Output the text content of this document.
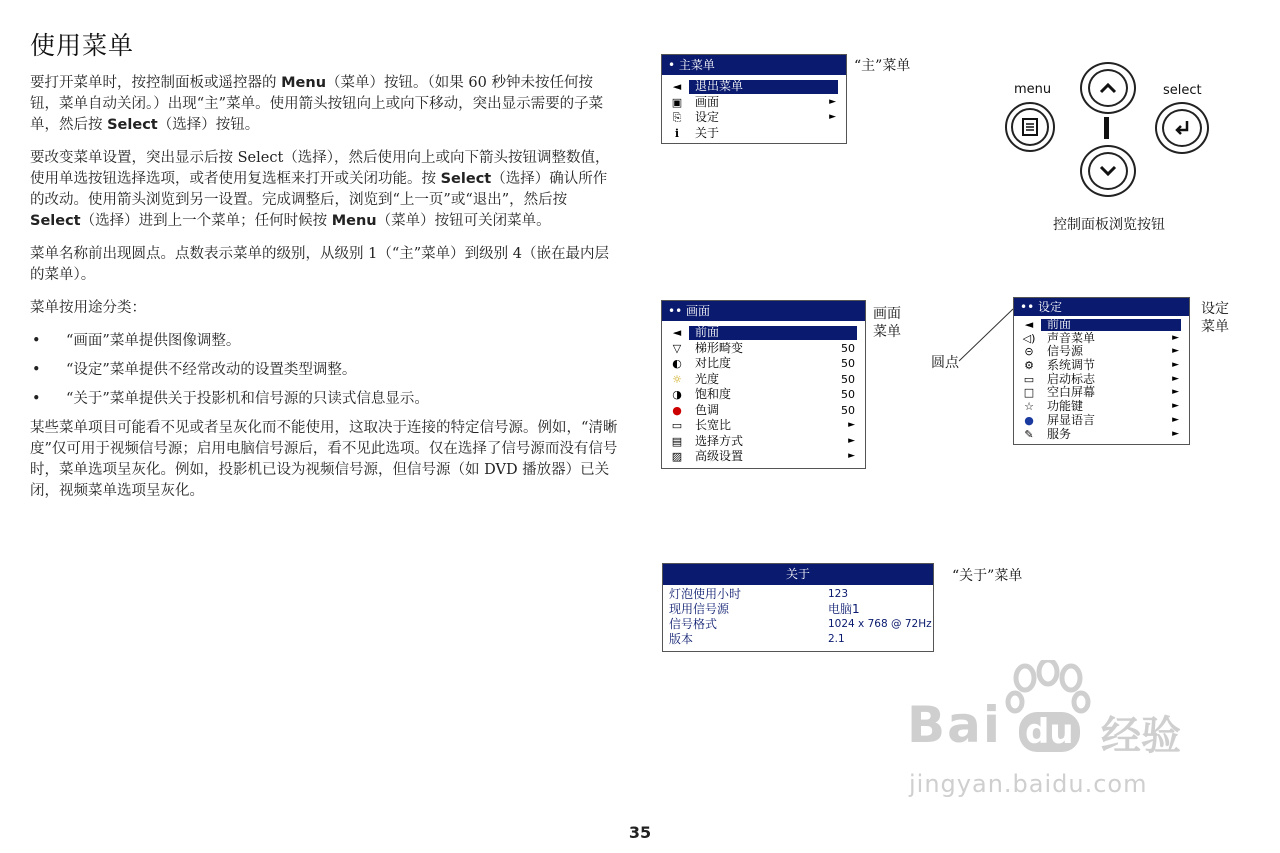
使用菜单

要打开菜单时，按控制面板或遥控器的 Menu（菜单）按钮。（如果 60 秒钟未按任何按钮，菜单自动关闭。）出现“主”菜单。使用箭头按钮向上或向下移动，突出显示需要的子菜单，然后按 Select（选择）按钮。

要改变菜单设置，突出显示后按 Select（选择），然后使用向上或向下箭头按钮调整数值，使用单选按钮选择选项，或者使用复选框来打开或关闭功能。按 Select（选择）确认所作的改动。使用箭头浏览到另一设置。完成调整后，浏览到“上一页”或“退出”，然后按 Select（选择）进到上一个菜单；任何时候按 Menu（菜单）按钮可关闭菜单。

菜单名称前出现圆点。点数表示菜单的级别，从级别 1（“主”菜单）到级别 4（嵌在最内层的菜单）。

菜单按用途分类：

• “画面”菜单提供图像调整。
• “设定”菜单提供不经常改动的设置类型调整。
• “关于”菜单提供关于投影机和信号源的只读式信息显示。

某些菜单项目可能看不见或者呈灰化而不能使用，这取决于连接的特定信号源。例如，“清晰度”仅可用于视频信号源；启用电脑信号源后，看不见此选项。仅在选择了信号源而没有信号时，菜单选项呈灰化。例如，投影机已设为视频信号源，但信号源（如 DVD 播放器）已关闭，视频菜单选项呈灰化。

• 主菜单
◄	退出菜单
▣ 画面	►
⎘ 设定	►
i	关于
“主”菜单
menu	select
控制面板浏览按钮
•• 画面
◄	前面
▽	梯形畸变	50
◐ 对比度	50
☼ 光度	50
◑ 饱和度	50
● 色调	50
▭ 长宽比	►
▤ 选择方式	►
▨ 高级设置	►
画面
菜单
•• 设定
◄	前面
◁) 声音菜单	►
⊝ 信号源	►
⚙ 系统调节	►
▭ 启动标志	►
□ 空白屏幕	►
☆ 功能键	►
● 屏显语言	►
✎ 服务	►
设定
菜单
圆点
关于
灯泡使用小时	123
现用信号源	电脑1
信号格式	1024 x 768 @ 72Hz
版本	2.1
“关于”菜单
Bai du 经验
jingyan.baidu.com
35
